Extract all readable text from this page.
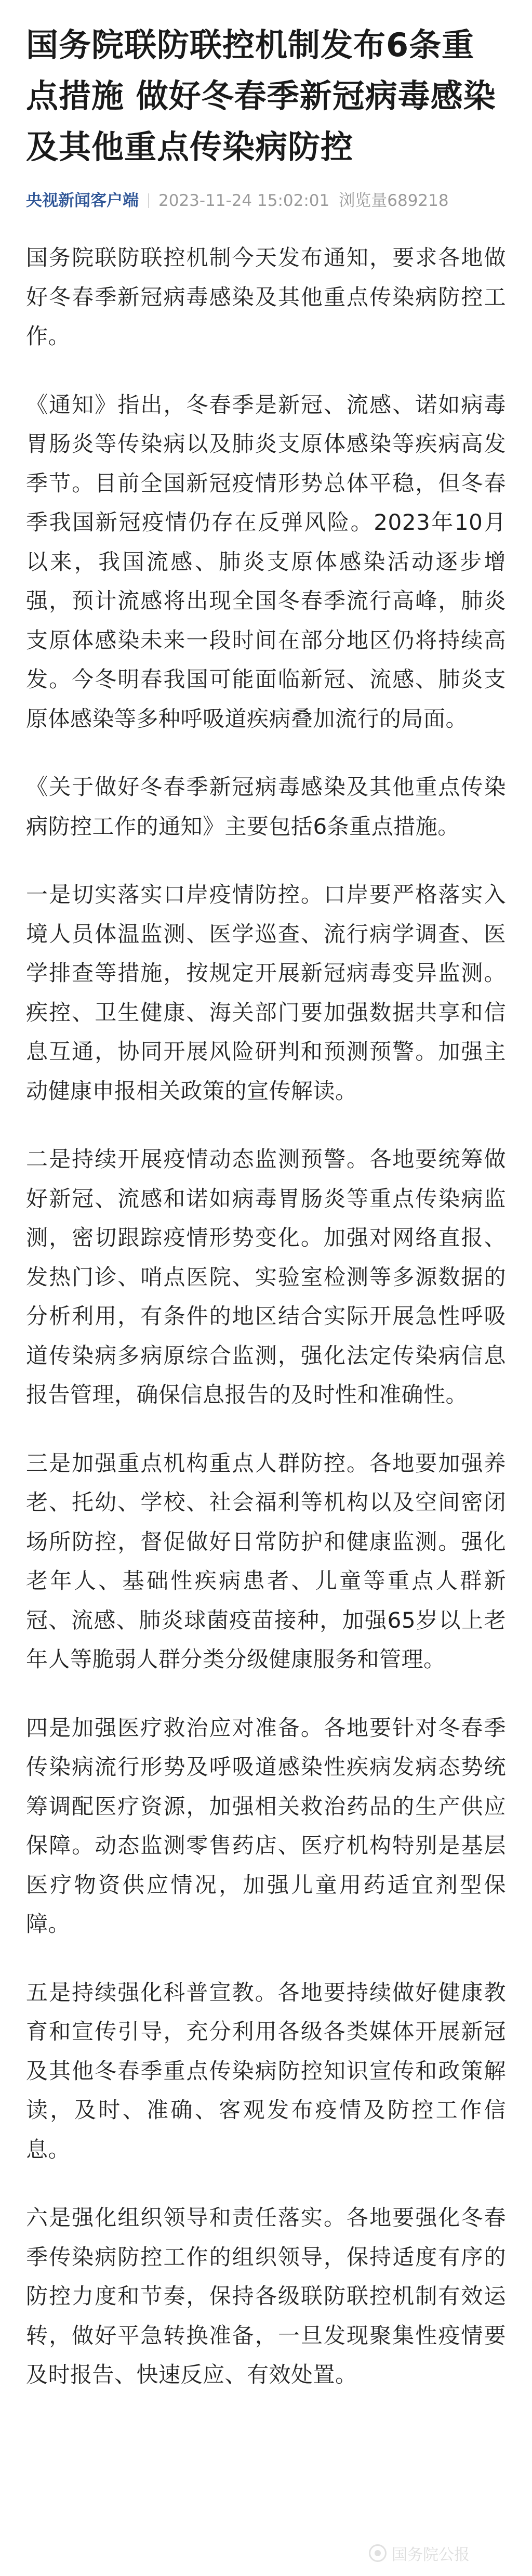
国务院联防联控机制发布6条重点措施 做好冬春季新冠病毒感染及其他重点传染病防控
央视新闻客户端 2023-11-24 15:02:01 浏览量689218

国务院联防联控机制今天发布通知，要求各地做好冬春季新冠病毒感染及其他重点传染病防控工作。

《通知》指出，冬春季是新冠、流感、诺如病毒胃肠炎等传染病以及肺炎支原体感染等疾病高发季节。目前全国新冠疫情形势总体平稳，但冬春季我国新冠疫情仍存在反弹风险。2023年10月以来，我国流感、肺炎支原体感染活动逐步增强，预计流感将出现全国冬春季流行高峰，肺炎支原体感染未来一段时间在部分地区仍将持续高发。今冬明春我国可能面临新冠、流感、肺炎支原体感染等多种呼吸道疾病叠加流行的局面。

《关于做好冬春季新冠病毒感染及其他重点传染病防控工作的通知》主要包括6条重点措施。

一是切实落实口岸疫情防控。口岸要严格落实入境人员体温监测、医学巡查、流行病学调查、医学排查等措施，按规定开展新冠病毒变异监测。疾控、卫生健康、海关部门要加强数据共享和信息互通，协同开展风险研判和预测预警。加强主动健康申报相关政策的宣传解读。

二是持续开展疫情动态监测预警。各地要统筹做好新冠、流感和诺如病毒胃肠炎等重点传染病监测，密切跟踪疫情形势变化。加强对网络直报、发热门诊、哨点医院、实验室检测等多源数据的分析利用，有条件的地区结合实际开展急性呼吸道传染病多病原综合监测，强化法定传染病信息报告管理，确保信息报告的及时性和准确性。

三是加强重点机构重点人群防控。各地要加强养老、托幼、学校、社会福利等机构以及空间密闭场所防控，督促做好日常防护和健康监测。强化老年人、基础性疾病患者、儿童等重点人群新冠、流感、肺炎球菌疫苗接种，加强65岁以上老年人等脆弱人群分类分级健康服务和管理。

四是加强医疗救治应对准备。各地要针对冬春季传染病流行形势及呼吸道感染性疾病发病态势统筹调配医疗资源，加强相关救治药品的生产供应保障。动态监测零售药店、医疗机构特别是基层医疗物资供应情况，加强儿童用药适宜剂型保障。

五是持续强化科普宣教。各地要持续做好健康教育和宣传引导，充分利用各级各类媒体开展新冠及其他冬春季重点传染病防控知识宣传和政策解读，及时、准确、客观发布疫情及防控工作信息。

六是强化组织领导和责任落实。各地要强化冬春季传染病防控工作的组织领导，保持适度有序的防控力度和节奏，保持各级联防联控机制有效运转，做好平急转换准备，一旦发现聚集性疫情要及时报告、快速反应、有效处置。

国务院公报
